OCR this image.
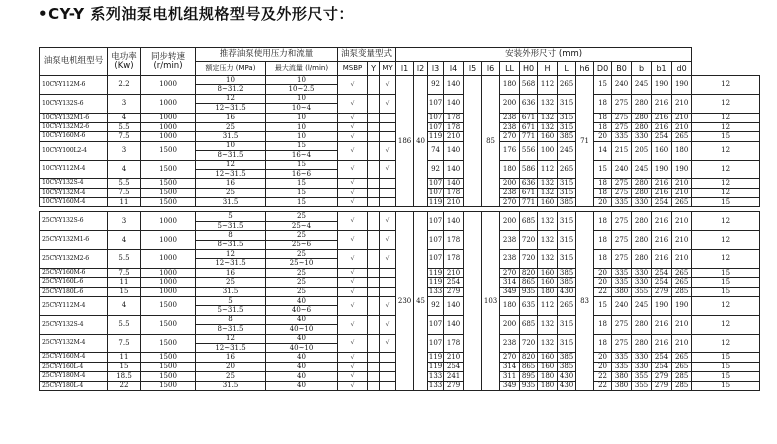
•CY-Y 系列油泵电机组规格型号及外形尺寸：
油泵电机组型号	电功率
(Kw)	同步转速
(r/min)	推荐油泵使用压力和流量		油泵变量型式			安装外形尺寸 (mm)																
			额定压力 (MPa)	最大流量 (l/min)	MSBP	Y	MY	l1	l2	l3	l4	l5	l6	LL	H0	H	L	h6	D0	B0	b	b1	d0	
10CY-Y112M-6	2.2	1000	10	10	√		√	186	40	92	140		85	180	568	112	265	71	15	240	245	190	190	12
			8~31.2	10~2.5																				
10CY-Y132S-6	3	1000	12	10	√		√			107	140			200	636	132	315		18	275	280	216	210	12
			12~31.5	10~4																				
10CY-Y132M1-6	4	1000	16	10	√					107	178			238	671	132	315		18	275	280	216	210	12
10CY-Y132M2-6	5.5	1000	25	10	√					107	178			238	671	132	315		18	275	280	216	210	12
10CY-Y160M-6	7.5	1000	31.5	10	√					119	210			270	771	160	385		20	335	330	254	265	15
10CY-Y100L2-4	3	1500	10	15	√		√			74	140			176	556	100	245		14	215	205	160	180	12
			8~31.5	16~4																				
10CY-Y112M-4	4	1500	12	15	√		√			92	140			180	586	112	265		15	240	245	190	190	12
			12~31.5	16~6																				
10CY-Y132S-4	5.5	1500	16	15	√					107	140			200	636	132	315		18	275	280	216	210	12
10CY-Y132M-4	7.5	1500	25	15	√					107	178			238	671	132	315		18	275	280	216	210	12
10CY-Y160M-4	11	1500	31.5	15	√					119	210			270	771	160	385		20	335	330	254	265	15

25CY-Y132S-6	3	1000	5	25	√		√	230	45	107	140		103	200	685	132	315	83	18	275	280	216	210	12
			5~31.5	25~4																				
25CY-Y132M1-6	4	1000	8	25	√		√			107	178			238	720	132	315		18	275	280	216	210	12
			8~31.5	25~6																				
25CY-Y132M2-6	5.5	1000	12	25	√		√			107	178			238	720	132	315		18	275	280	216	210	12
			12~31.5	25~10																				
25CY-Y160M-6	7.5	1000	16	25	√					119	210			270	820	160	385		20	335	330	254	265	15
25CY-Y160L-6	11	1000	25	25	√					119	254			314	865	160	385		20	335	330	254	265	15
25CY-Y180L-6	15	1000	31.5	25	√					133	279			349	935	180	430		22	380	355	279	285	15
25CY-Y112M-4	4	1500	5	40	√		√			92	140			180	635	112	265		15	240	245	190	190	12
			5~31.5	40~6																				
25CY-Y132S-4	5.5	1500	8	40	√		√			107	140			200	685	132	315		18	275	280	216	210	12
			8~31.5	40~10																				
25CY-Y132M-4	7.5	1500	12	40	√		√			107	178			238	720	132	315		18	275	280	216	210	12
			12~31.5	40~10																				
25CY-Y160M-4	11	1500	16	40	√					119	210			270	820	160	385		20	335	330	254	265	15
25CY-Y160L-4	15	1500	20	40	√					119	254			314	865	160	385		20	335	330	254	265	15
25CY-Y180M-4	18.5	1500	25	40	√					133	241			311	895	180	430		22	380	355	279	285	15
25CY-Y180L-4	22	1500	31.5	40	√					133	279			349	935	180	430		22	380	355	279	285	15
